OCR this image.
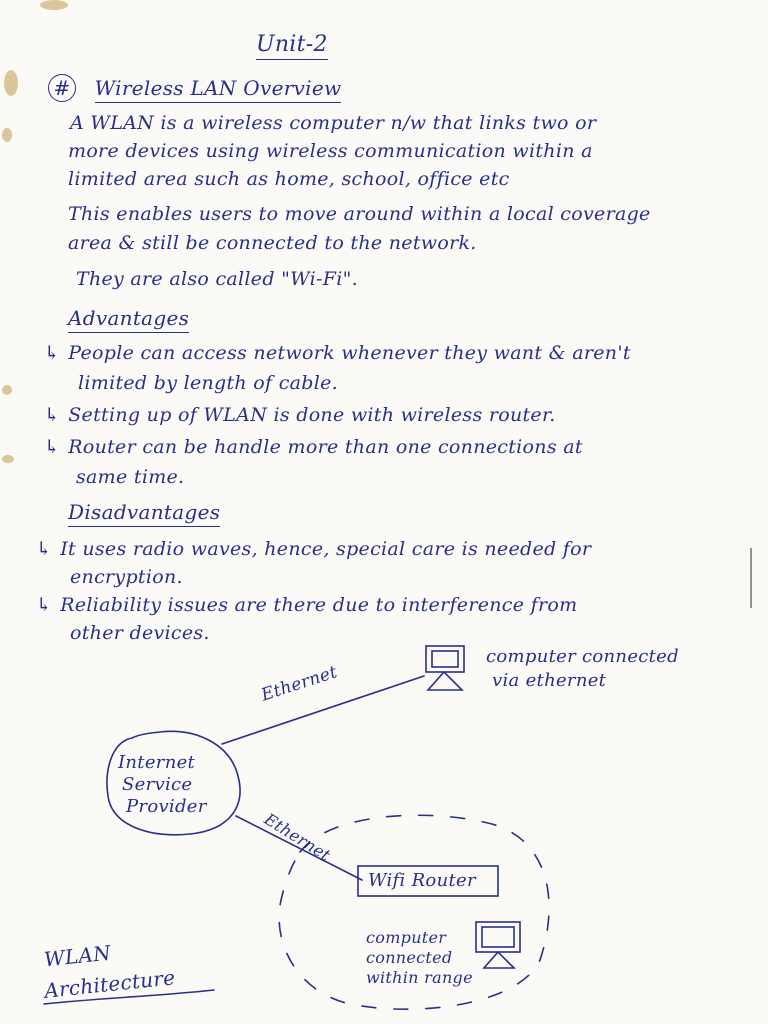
Unit-2
# Wireless LAN Overview
A WLAN is a wireless computer n/w that links two or
more devices using wireless communication within a
limited area such as home, school, office etc
This enables users to move around within a local coverage
area & still be connected to the network.
They are also called "Wi-Fi".
Advantages
↳ People can access network whenever they want & aren't
limited by length of cable.
↳ Setting up of WLAN is done with wireless router.
↳ Router can be handle more than one connections at
same time.
Disadvantages
↳ It uses radio waves, hence, special care is needed for
encryption.
↳ Reliability issues are there due to interference from
other devices.
Internet
Service
Provider
Ethernet
Ethernet
computer connected
via ethernet
Wifi Router
computer
connected
within range
WLAN
Architecture
